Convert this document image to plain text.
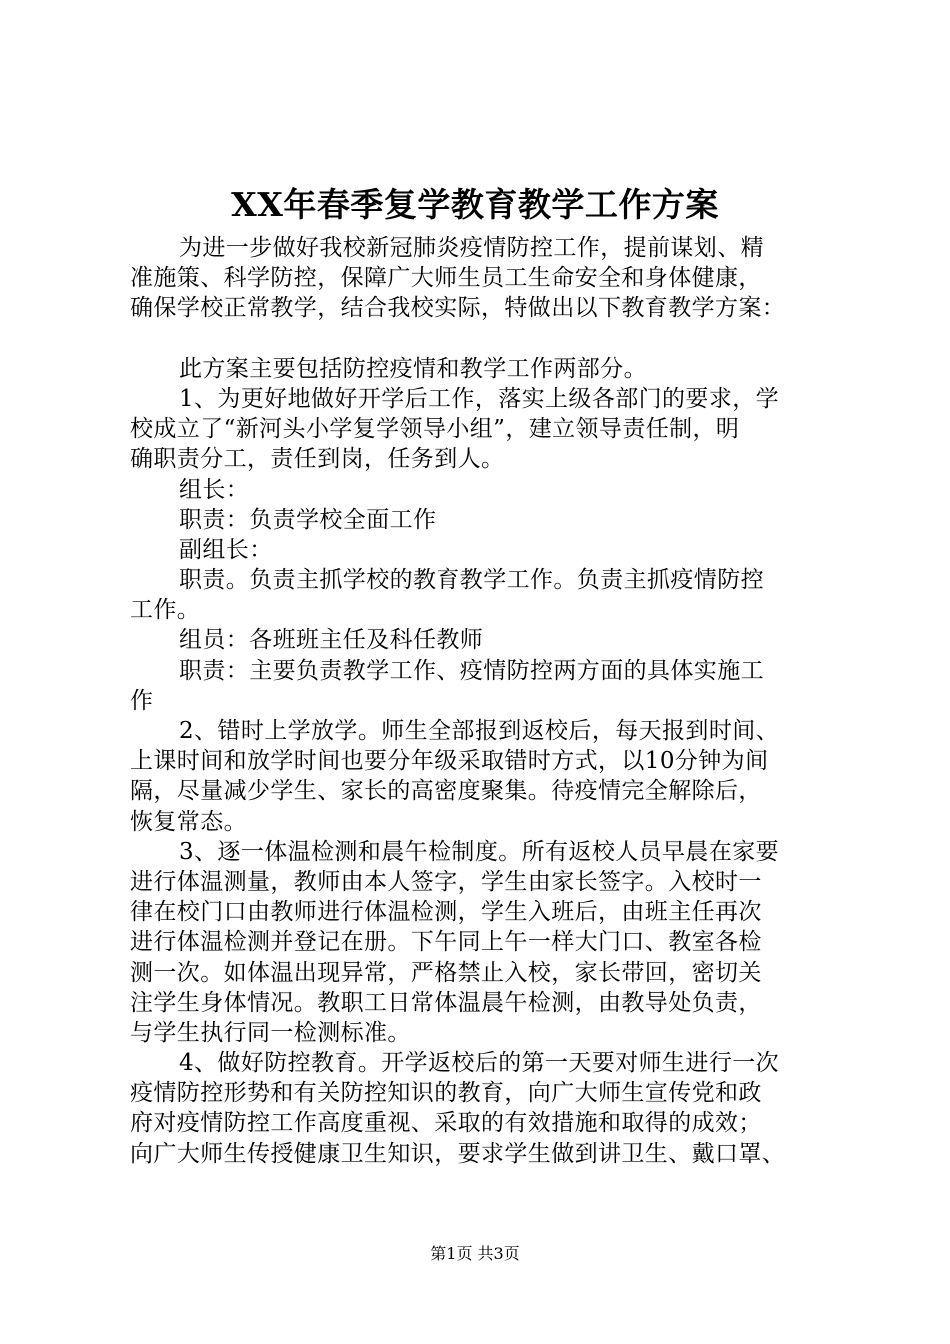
XX年春季复学教育教学工作方案
为进一步做好我校新冠肺炎疫情防控工作，提前谋划、精
准施策、科学防控，保障广大师生员工生命安全和身体健康，
确保学校正常教学，结合我校实际，特做出以下教育教学方案：
此方案主要包括防控疫情和教学工作两部分。
1、为更好地做好开学后工作，落实上级各部门的要求，学
校成立了“新河头小学复学领导小组”，建立领导责任制，明
确职责分工，责任到岗，任务到人。
组长：
职责：负责学校全面工作
副组长：
职责。负责主抓学校的教育教学工作。负责主抓疫情防控
工作。
组员：各班班主任及科任教师
职责：主要负责教学工作、疫情防控两方面的具体实施工
作
2、错时上学放学。师生全部报到返校后，每天报到时间、
上课时间和放学时间也要分年级采取错时方式，以10分钟为间
隔，尽量减少学生、家长的高密度聚集。待疫情完全解除后，
恢复常态。
3、逐一体温检测和晨午检制度。所有返校人员早晨在家要
进行体温测量，教师由本人签字，学生由家长签字。入校时一
律在校门口由教师进行体温检测，学生入班后，由班主任再次
进行体温检测并登记在册。下午同上午一样大门口、教室各检
测一次。如体温出现异常，严格禁止入校，家长带回，密切关
注学生身体情况。教职工日常体温晨午检测，由教导处负责，
与学生执行同一检测标准。
4、做好防控教育。开学返校后的第一天要对师生进行一次
疫情防控形势和有关防控知识的教育，向广大师生宣传党和政
府对疫情防控工作高度重视、采取的有效措施和取得的成效；
向广大师生传授健康卫生知识，要求学生做到讲卫生、戴口罩、
第1页 共3页
